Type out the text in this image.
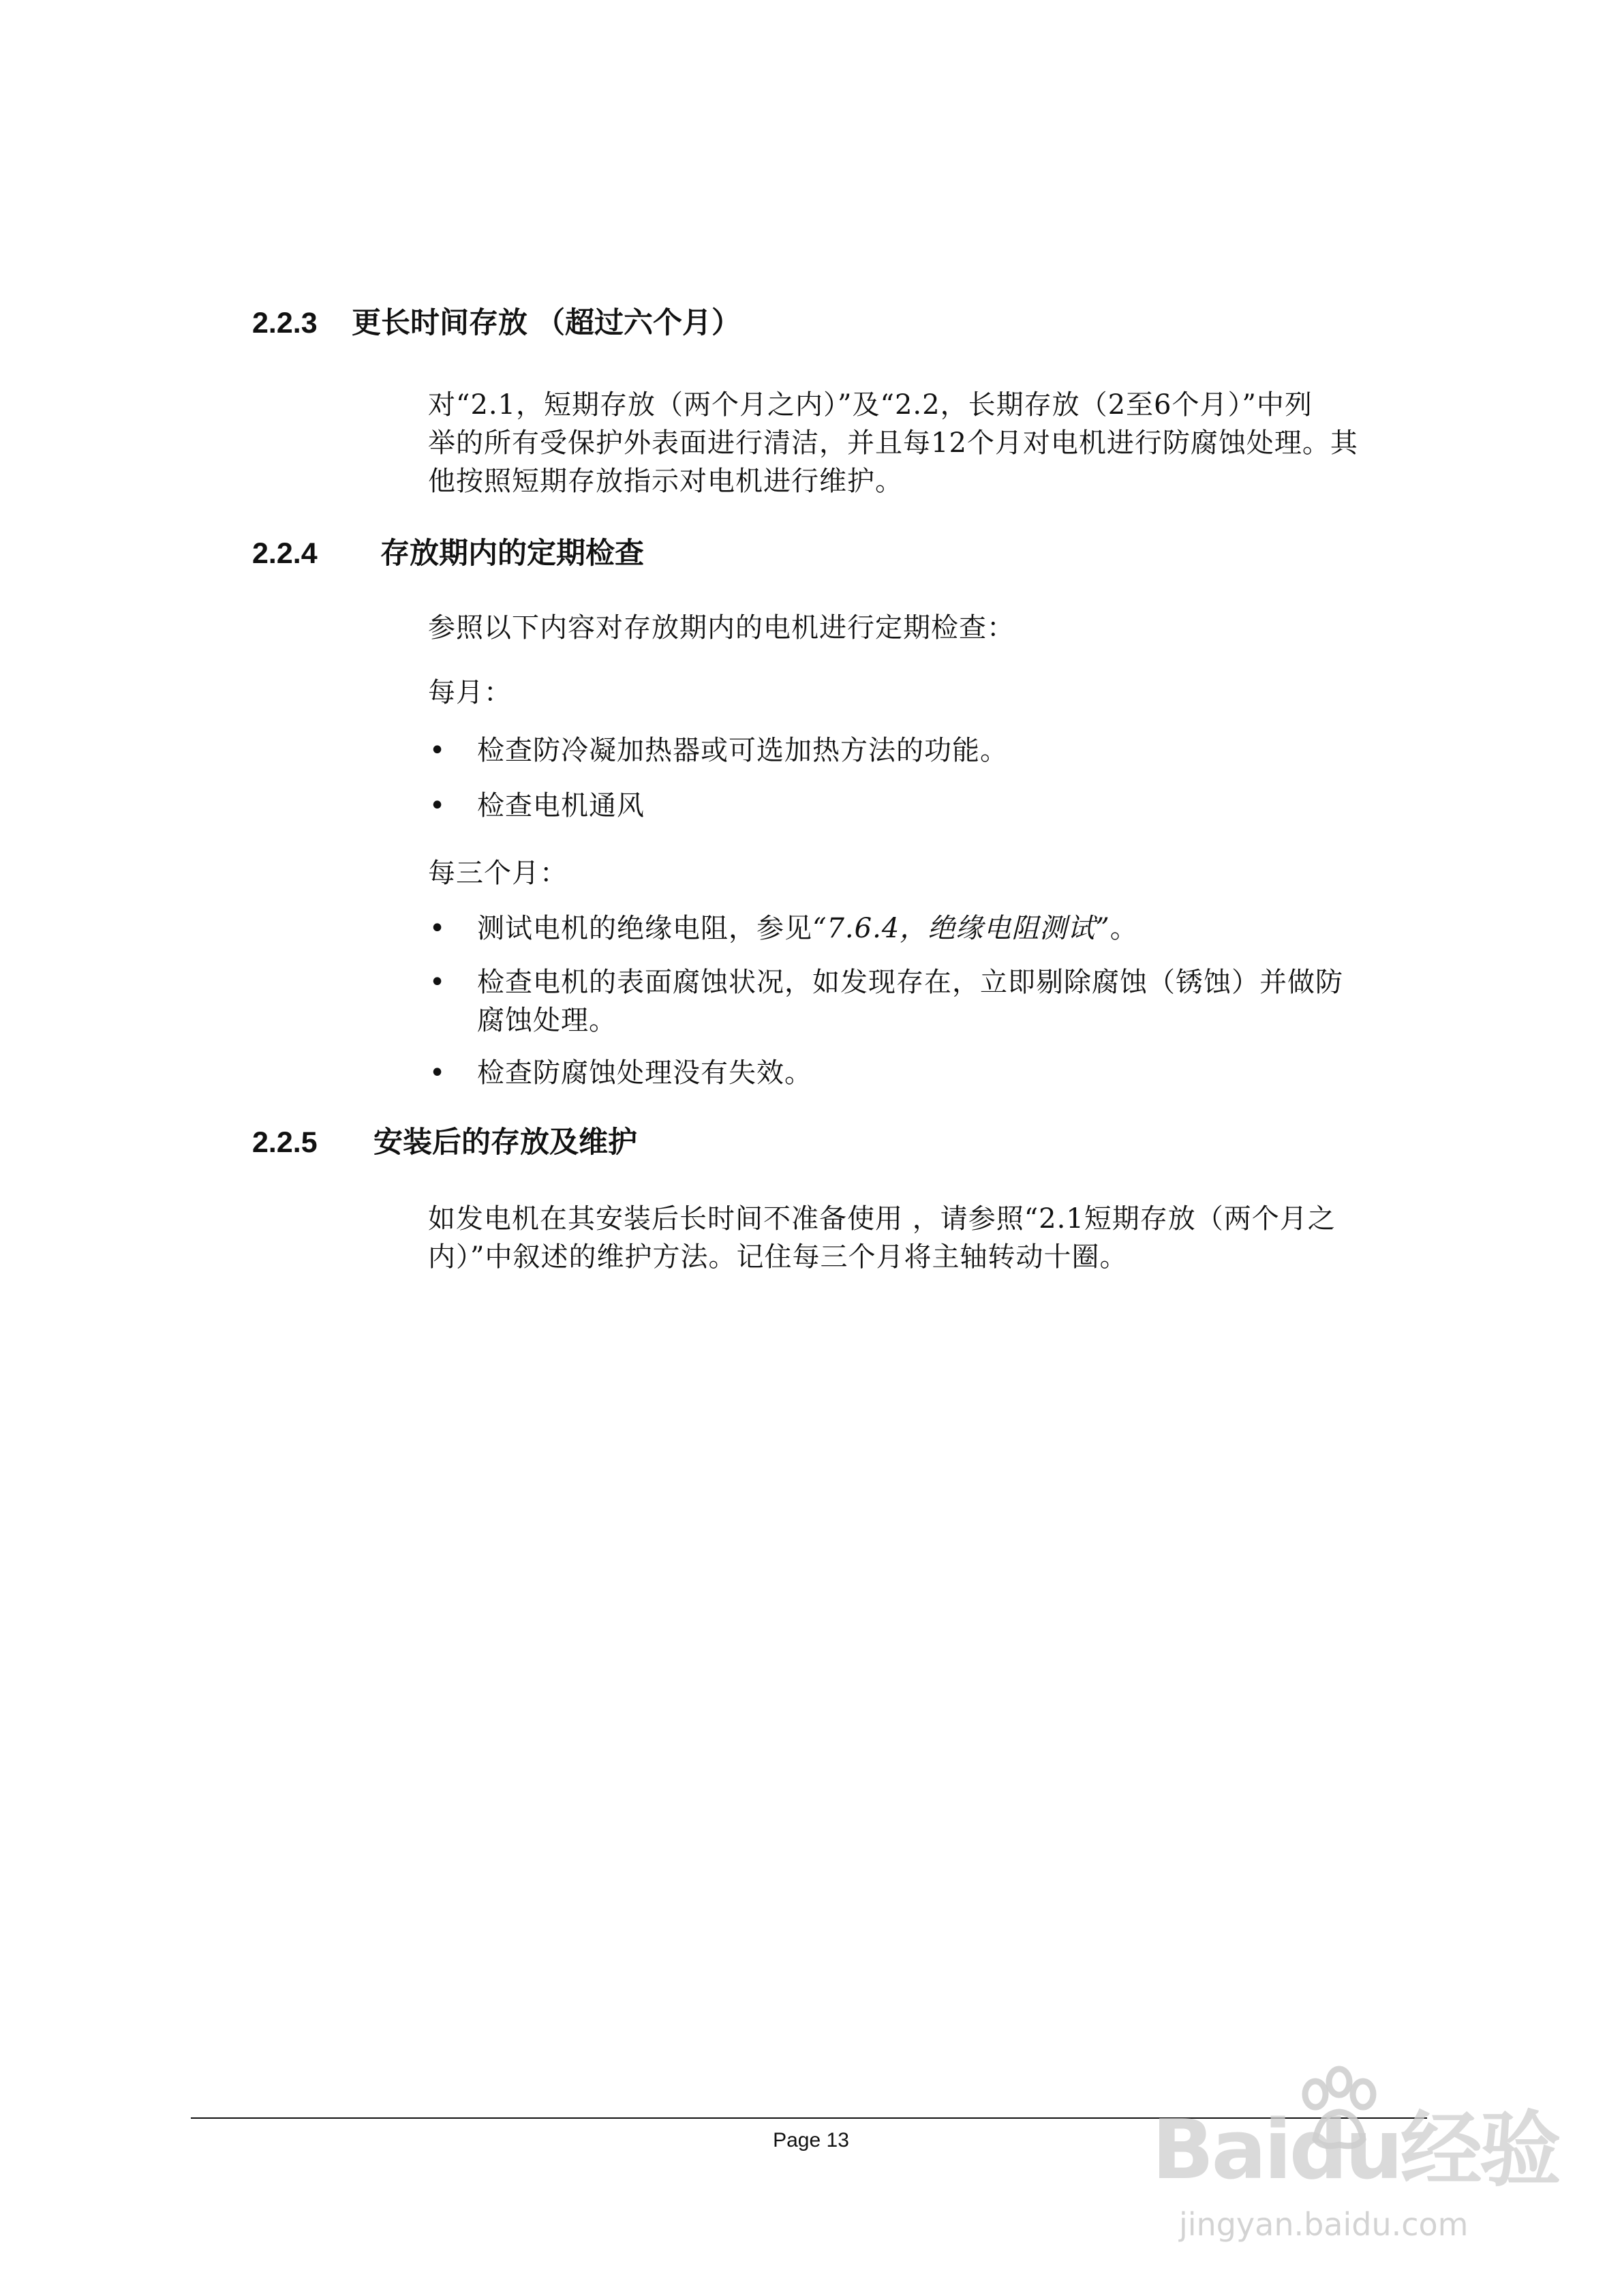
2.2.3 更长时间存放 （超过六个月）
对“2.1，短期存放（两个月之内）”及“2.2，长期存放（2至6个月）”中列
举的所有受保护外表面进行清洁，并且每12个月对电机进行防腐蚀处理。其
他按照短期存放指示对电机进行维护。
2.2.4 存放期内的定期检查
参照以下内容对存放期内的电机进行定期检查：
每月：
• 检查防冷凝加热器或可选加热方法的功能。
• 检查电机通风
每三个月：
• 测试电机的绝缘电阻，参见“7.6.4，绝缘电阻测试”。
• 检查电机的表面腐蚀状况，如发现存在，立即剔除腐蚀（锈蚀）并做防
腐蚀处理。
• 检查防腐蚀处理没有失效。
2.2.5 安装后的存放及维护
如发电机在其安装后长时间不准备使用 ，请参照“2.1短期存放（两个月之
内）”中叙述的维护方法。记住每三个月将主轴转动十圈。
Page 13	Baidu经验
jingyan.baidu.com
